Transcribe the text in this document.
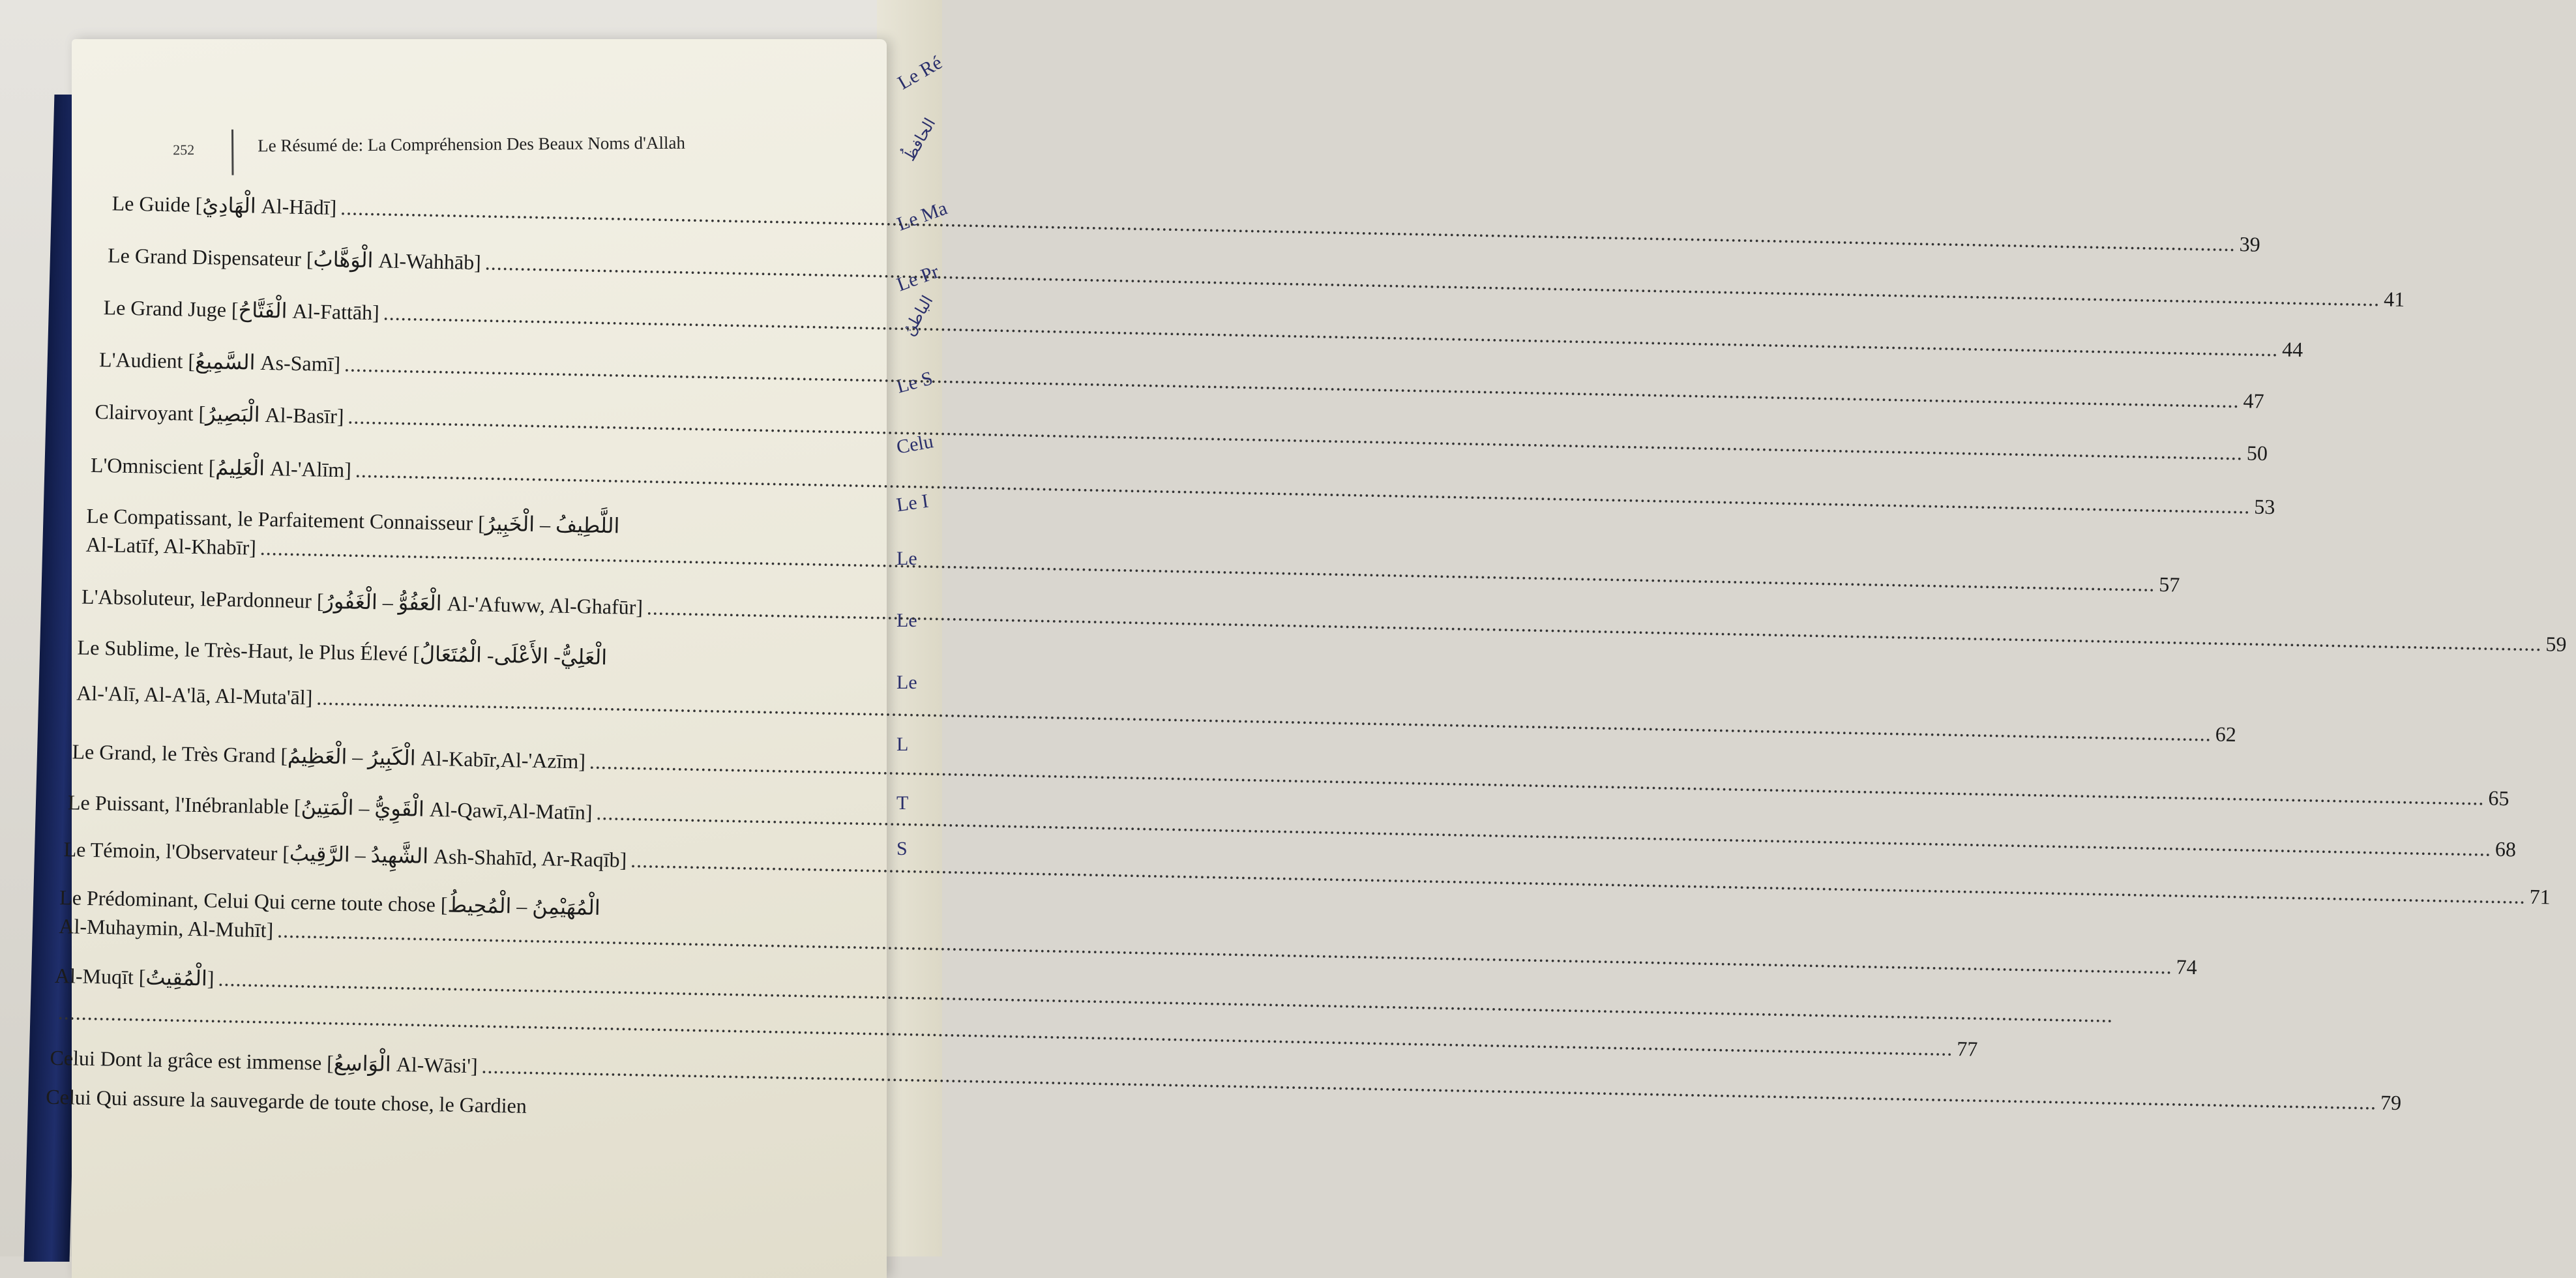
Le Ré
الحافظُ
Le Ma
Le Pr
الباطنُ
Le S
Celu
Le I
Le
Le
Le
L
T
S
252	Le Résumé de: La Compréhension Des Beaux Noms d'Allah
Le Guide [الْهَادِيُ Al-Hādī]
.....
39
Le Grand Dispensateur [الْوَهَّابُ Al-Wahhāb]
.....
41
Le Grand Juge [الْفَتَّاحُ Al-Fattāh]
.....
44
L'Audient [السَّمِيعُ As-Samī]
.....
47
Clairvoyant [الْبَصِيرُ Al-Basīr]
.....
50
L'Omniscient [الْعَلِيمُ Al-'Alīm]
.....
53
Le Compatissant, le Parfaitement Connaisseur [اللَّطِيفُ – الْخَبِيرُ
Al-Latīf, Al-Khabīr]
.....
57
L'Absoluteur, lePardonneur [الْعَفُوُّ – الْغَفُورُ Al-'Afuww, Al-Ghafūr]
.....
59
Le Sublime, le Très-Haut, le Plus Élevé [الْعَلِيُّ- الأَعْلَى- الْمُتَعَالُ
Al-'Alī, Al-A'lā, Al-Muta'āl]
.....
62
Le Grand, le Très Grand [الْكَبِيرُ – الْعَظِيمُ Al-Kabīr,Al-'Azīm]
.....
65
Le Puissant, l'Inébranlable [الْقَوِيُّ – الْمَتِينُ Al-Qawī,Al-Matīn]
.....
68
Le Témoin, l'Observateur [الشَّهِيدُ – الرَّقِيبُ Ash-Shahīd, Ar-Raqīb]
.....
71
Le Prédominant, Celui Qui cerne toute chose [الْمُهَيْمِنُ – الْمُحِيطُ
Al-Muhaymin, Al-Muhīt]
.....
74
Al-Muqīt [الْمُقِيتُ]
.....
.....
77
Celui Dont la grâce est immense [الْوَاسِعُ Al-Wāsi']
.....
79
Celui Qui assure la sauvegarde de toute chose, le Gardien
